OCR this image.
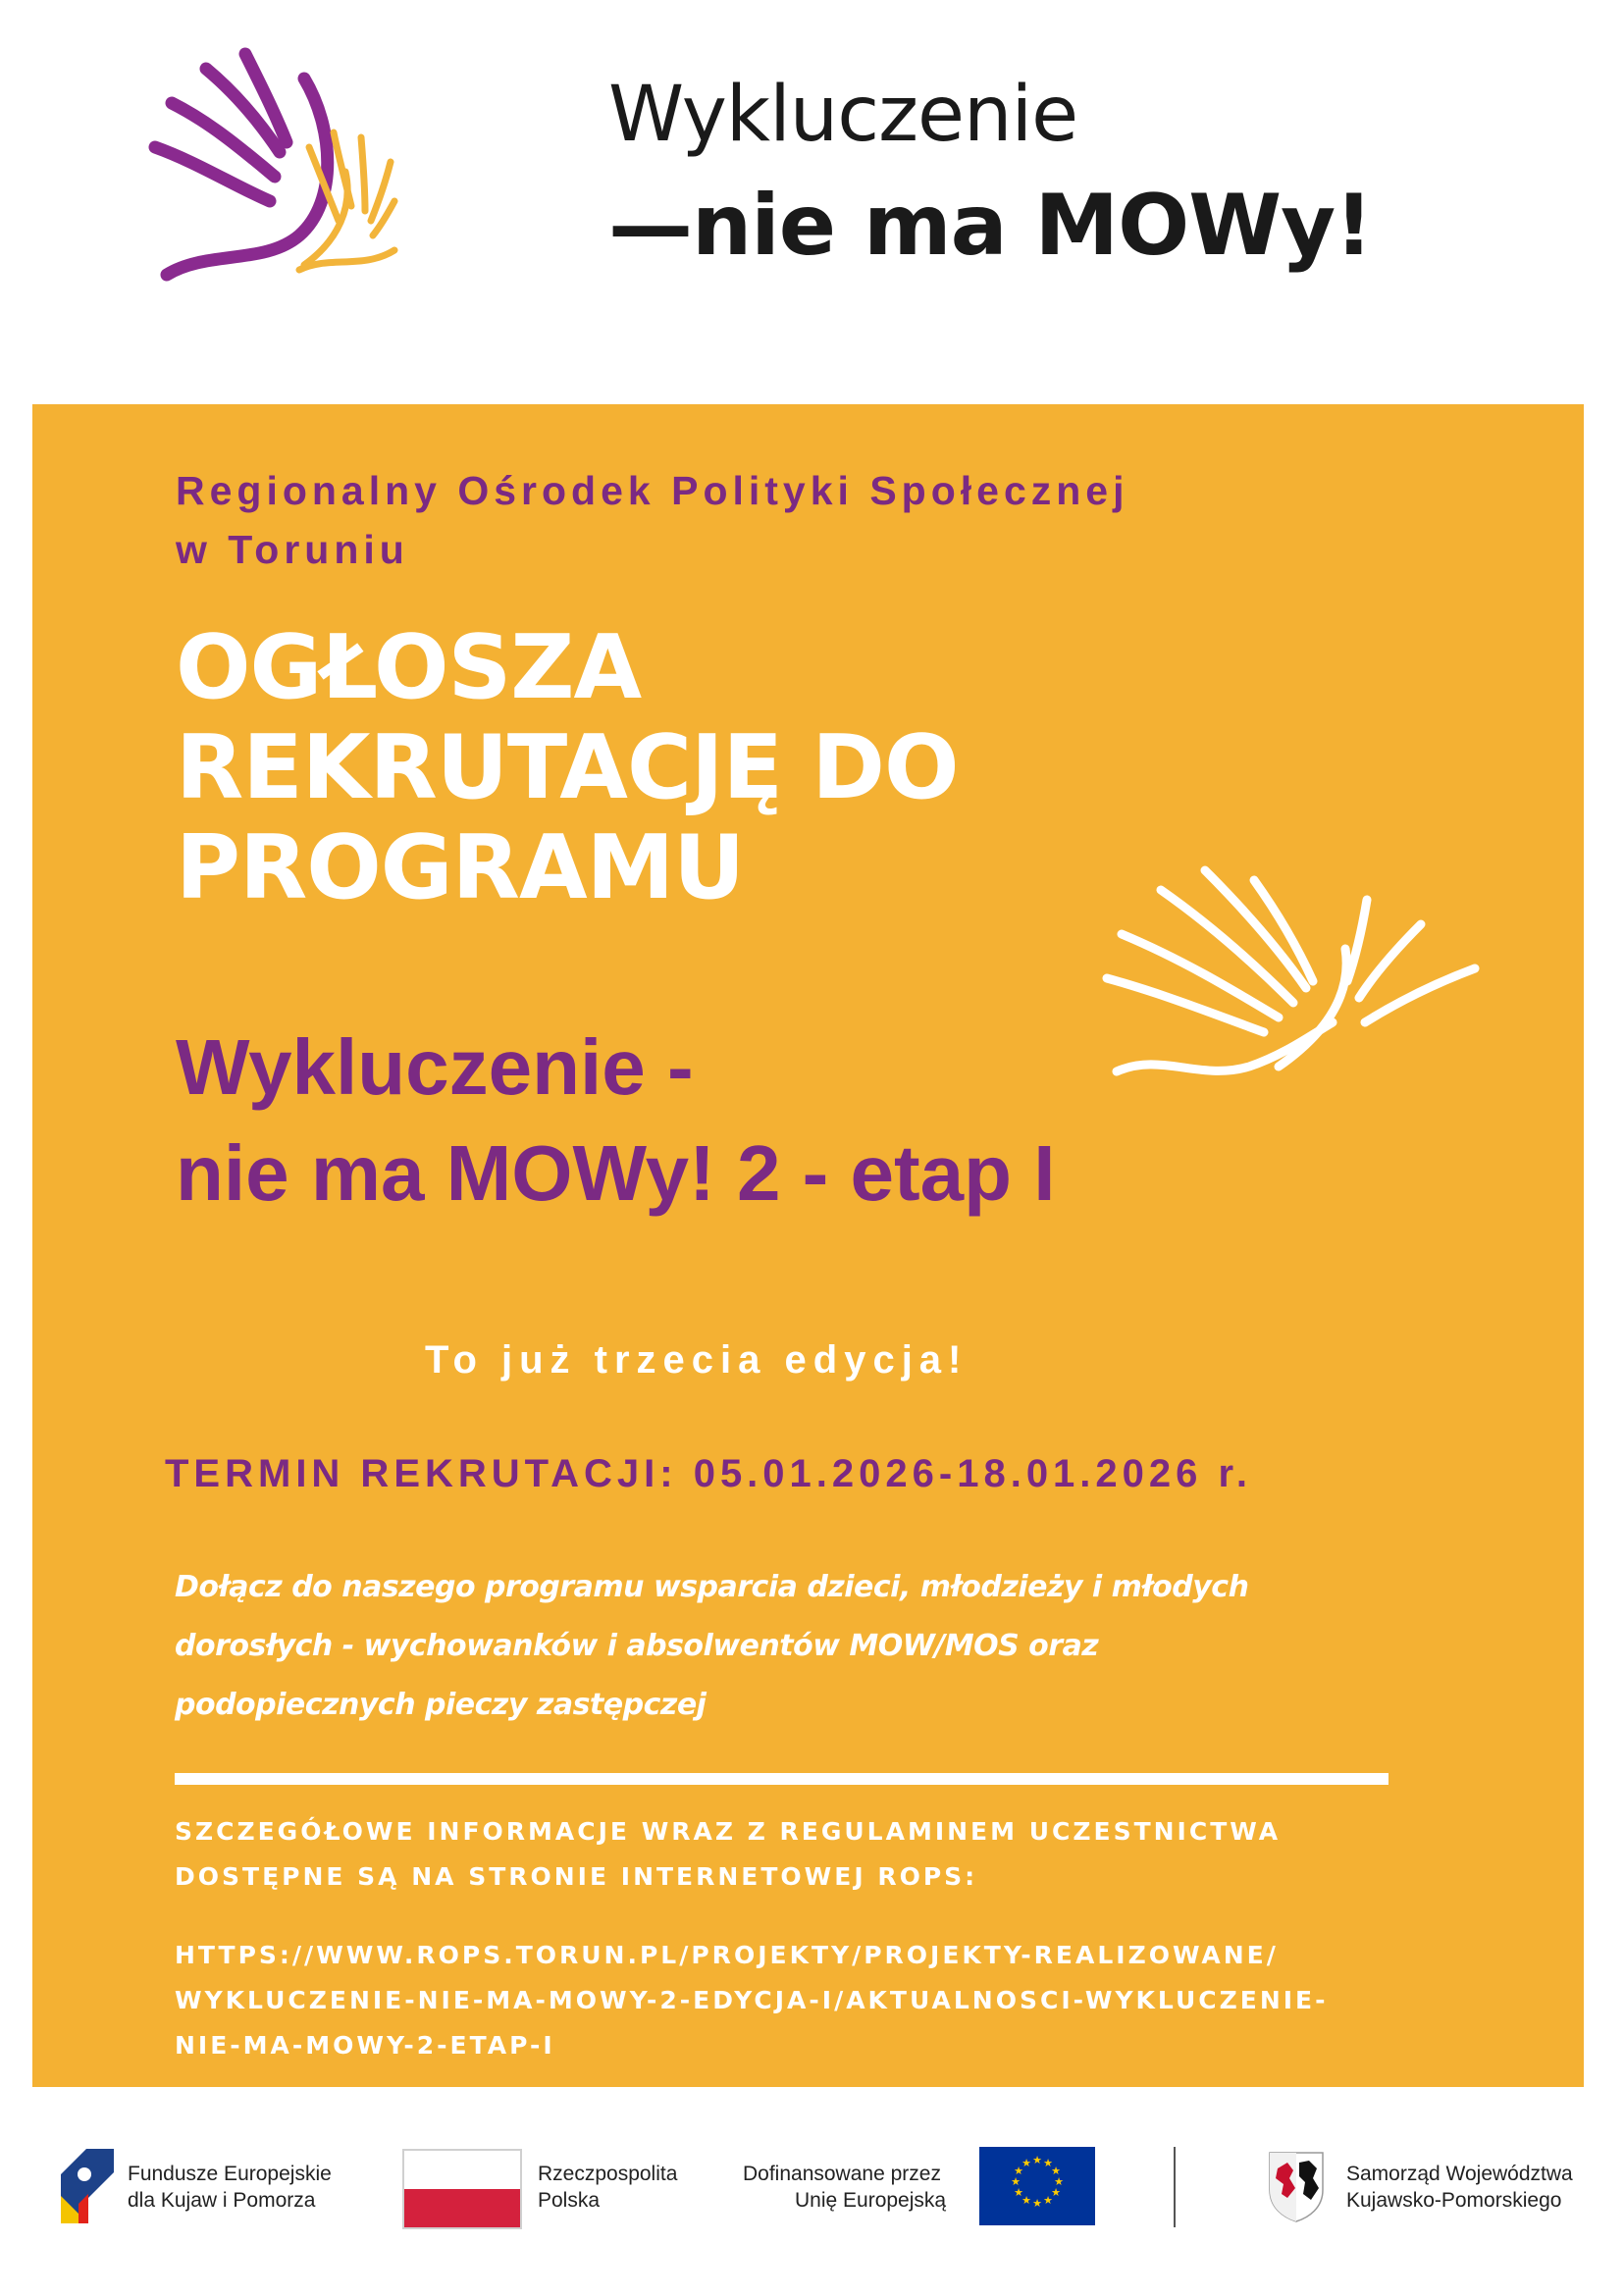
Wykluczenie
—nie ma MOWy!
Regionalny Ośrodek Polityki Społecznej
w Toruniu
OGŁOSZA
REKRUTACJĘ DO
PROGRAMU
Wykluczenie -
nie ma MOWy! 2 - etap I
To już trzecia edycja!
TERMIN REKRUTACJI: 05.01.2026-18.01.2026 r.
Dołącz do naszego programu wsparcia dzieci, młodzieży i młodych
dorosłych - wychowanków i absolwentów MOW/MOS oraz
podopiecznych pieczy zastępczej
SZCZEGÓŁOWE INFORMACJE WRAZ Z REGULAMINEM UCZESTNICTWA
DOSTĘPNE SĄ NA STRONIE INTERNETOWEJ ROPS:
HTTPS://WWW.ROPS.TORUN.PL/PROJEKTY/PROJEKTY-REALIZOWANE/
WYKLUCZENIE-NIE-MA-MOWY-2-EDYCJA-I/AKTUALNOSCI-WYKLUCZENIE-
NIE-MA-MOWY-2-ETAP-I
Fundusze Europejskie
dla Kujaw i Pomorza
Rzeczpospolita
Polska
Dofinansowane przez
Unię Europejską
★ ★
★
★
★
★
★
★
★
★
★
★	Samorząd Województwa
Kujawsko-Pomorskiego
